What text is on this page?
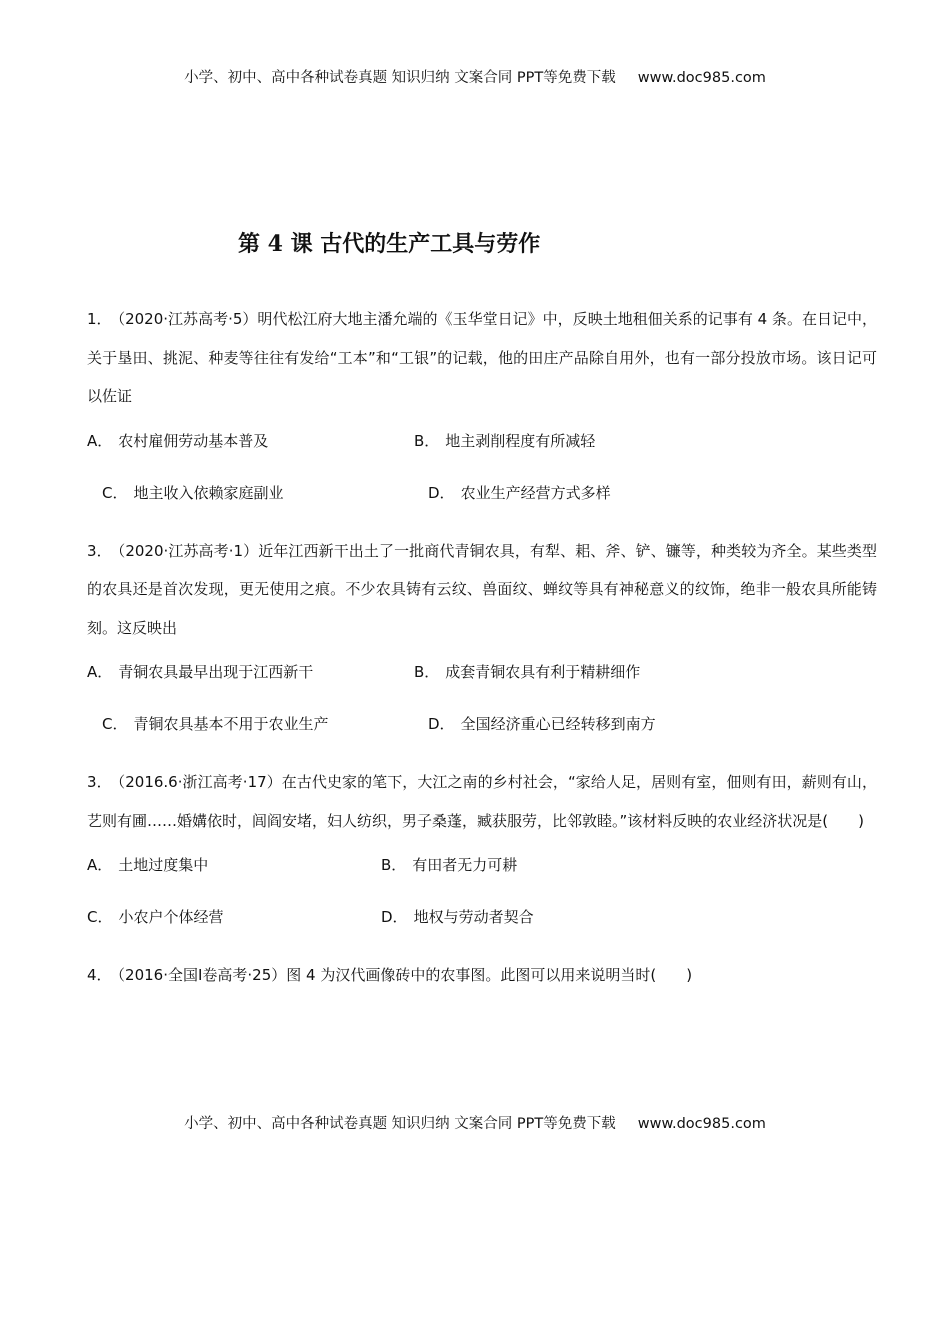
小学、初中、高中各种试卷真题 知识归纳 文案合同 PPT等免费下载 www.doc985.com
第 4 课 古代的生产工具与劳作

1． （2020·江苏高考·5）明代松江府大地主潘允端的《玉华堂日记》中，反映土地租佃关系的记事有 4 条。在日记中，关于垦田、挑泥、种麦等往往有发给“工本”和“工银”的记载，他的田庄产品除自用外，也有一部分投放市场。该日记可以佐证

A． 农村雇佣劳动基本普及	B． 地主剥削程度有所减轻
C． 地主收入依赖家庭副业	D． 农业生产经营方式多样

3． （2020·江苏高考·1）近年江西新干出土了一批商代青铜农具，有犁、耜、斧、铲、镰等，种类较为齐全。某些类型的农具还是首次发现，更无使用之痕。不少农具铸有云纹、兽面纹、蝉纹等具有神秘意义的纹饰，绝非一般农具所能铸刻。这反映出

A． 青铜农具最早出现于江西新干	B． 成套青铜农具有利于精耕细作
C． 青铜农具基本不用于农业生产	D． 全国经济重心已经转移到南方

3． （2016.6·浙江高考·17）在古代史家的笔下，大江之南的乡村社会，“家给人足，居则有室，佃则有田，薪则有山，艺则有圃……婚媾依时，闾阎安堵，妇人纺织，男子桑蓬，臧获服劳，比邻敦睦。”该材料反映的农业经济状况是(　　)

A． 土地过度集中	B． 有田者无力可耕
C． 小农户个体经营	D． 地权与劳动者契合

4． （2016·全国Ⅰ卷高考·25）图 4 为汉代画像砖中的农事图。此图可以用来说明当时(　　)

小学、初中、高中各种试卷真题 知识归纳 文案合同 PPT等免费下载 www.doc985.com
